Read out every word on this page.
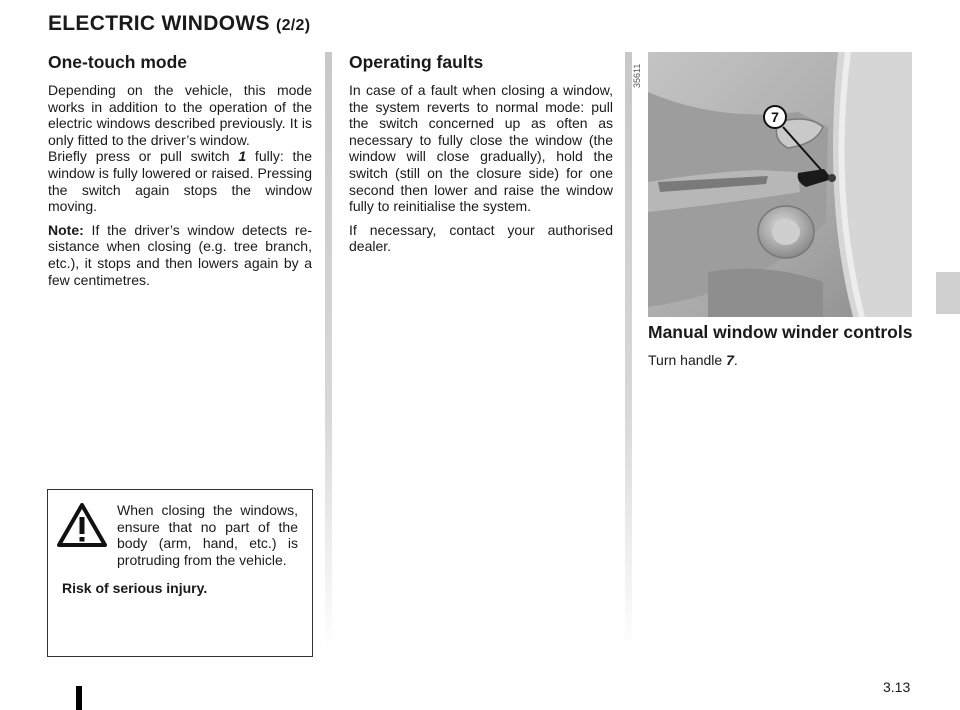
ELECTRIC WINDOWS (2/2)
One-touch mode

Depending on the vehicle, this mode works in addition to the operation of the electric windows described previously. It is only fitted to the driver’s window.

Briefly press or pull switch 1 fully: the window is fully lowered or raised. Pressing the switch again stops the window moving.

Note: If the driver’s window detects re-sistance when closing (e.g. tree branch, etc.), it stops and then lowers again by a few centimetres.

Operating faults

In case of a fault when closing a window, the system reverts to normal mode: pull the switch concerned up as often as necessary to fully close the window (the window will close gradually), hold the switch (still on the closure side) for one second then lower and raise the window fully to reinitialise the system.

If necessary, contact your authorised dealer.

35611
7
Manual window winder controls

Turn handle 7.

When closing the windows, ensure that no part of the body (arm, hand, etc.) is protruding from the vehicle.

Risk of serious injury.

3.13
